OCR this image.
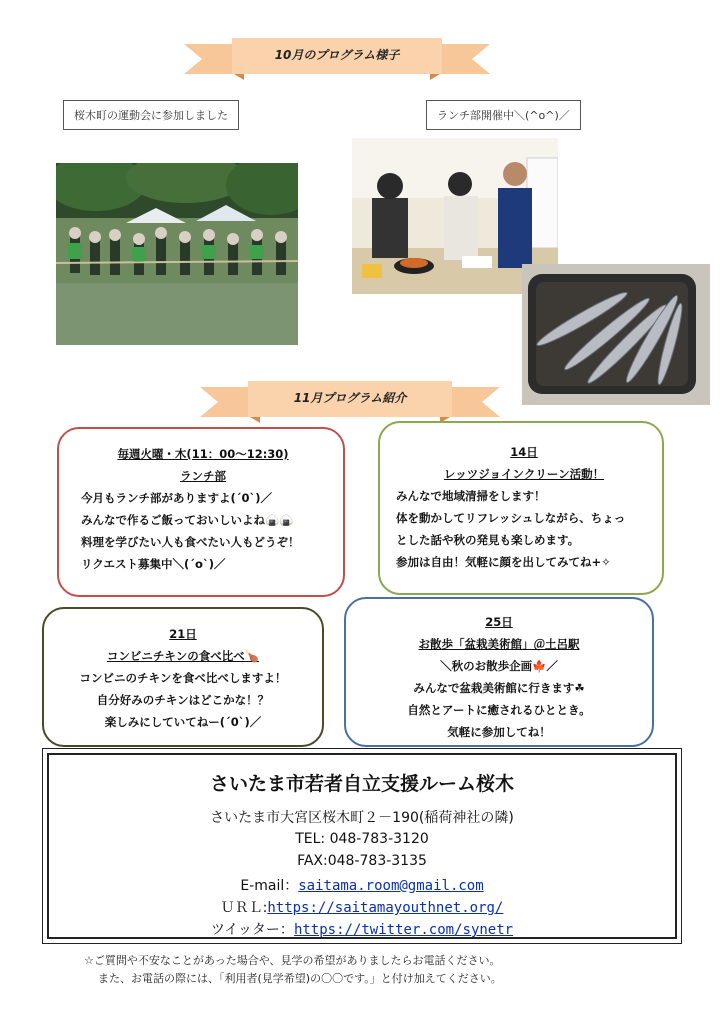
10月のプログラム様子
桜木町の運動会に参加しました	ランチ部開催中＼(^o^)／
11月プログラム紹介
毎週火曜・木(11：00～12:30)
ランチ部
今月もランチ部がありますよ(´0`)／
みんなで作るご飯っておいしいよね🍙🍙
料理を学びたい人も食べたい人もどうぞ！
リクエスト募集中＼(´o`)／
14日
レッツジョインクリーン活動！
みんなで地域清掃をします！
体を動かしてリフレッシュしながら、ちょっ
とした話や秋の発見も楽しめます。
参加は自由！気軽に顔を出してみてね+✧
21日
コンビニチキンの食べ比べ🍗
コンビニのチキンを食べ比べしますよ！
自分好みのチキンはどこかな！？
楽しみにしていてねー(´0`)／
25日
お散歩「盆栽美術館」＠土呂駅
＼秋のお散歩企画🍁／
みんなで盆栽美術館に行きます☘
自然とアートに癒されるひととき。
気軽に参加してね！
さいたま市若者自立支援ルーム桜木
さいたま市大宮区桜木町２－190(稲荷神社の隣)
TEL: 048-783-3120
FAX:048-783-3135
E-mail：saitama.room@gmail.com
ＵＲＬ:https://saitamayouthnet.org/
ツイッター：https://twitter.com/synetr
☆ご質問や不安なことがあった場合や、見学の希望がありましたらお電話ください。
また、お電話の際には、「利用者(見学希望)の〇〇です。」と付け加えてください。
